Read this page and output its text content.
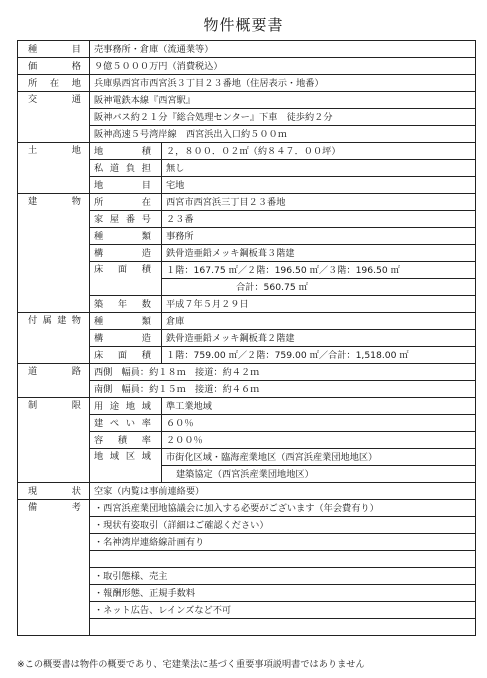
物件概要書
種　目	売事務所・倉庫（流通業等）	
価　格	９億５０００万円（消費税込）	
所在地	兵庫県西宮市西宮浜３丁目２３番地（住居表示・地番）	
交　通	阪神電鉄本線『西宮駅』	
	阪神バス約２１分『総合処理センター』下車　徒歩約２分	
	阪神高速５号湾岸線　西宮浜出入口約５００ｍ	
土　地	地　積	２，８００．０２㎡（約８４７．００坪）
	私道負担	無し
	地　目	宅地
建　物	所　在	西宮市西宮浜三丁目２３番地
	家屋番号	２３番
	種　類	事務所
	構　造	鉄骨造亜鉛メッキ鋼板葺３階建
	床面積	１階：167.75 ㎡／２階：196.50 ㎡／３階：196.50 ㎡
		合計：560.75 ㎡
	築年数	平成７年５月２９日
付属建物	種　類	倉庫
	構　造	鉄骨造亜鉛メッキ鋼板葺２階建
	床面積	１階：759.00 ㎡／２階：759.00 ㎡／合計：1,518.00 ㎡
道　路	西側　幅員：約１８ｍ　接道：約４２ｍ	
	南側　幅員：約１５ｍ　接道：約４６ｍ	
制　限	用途地域	準工業地域
	建ぺい率	６０％
	容積率	２００％
	地域区域	市街化区域・臨海産業地区（西宮浜産業団地地区）
		建築協定（西宮浜産業団地地区）
現　状	空家（内覧は事前連絡要）	
備　考	・西宮浜産業団地協議会に加入する必要がございます（年会費有り）	
	・現状有姿取引（詳細はご確認ください）	
	・名神湾岸連絡線計画有り	

	・取引態様、売主	
	・報酬形態、正規手数料	
	・ネット広告、レインズなど不可	

※この概要書は物件の概要であり、宅建業法に基づく重要事項説明書ではありません
